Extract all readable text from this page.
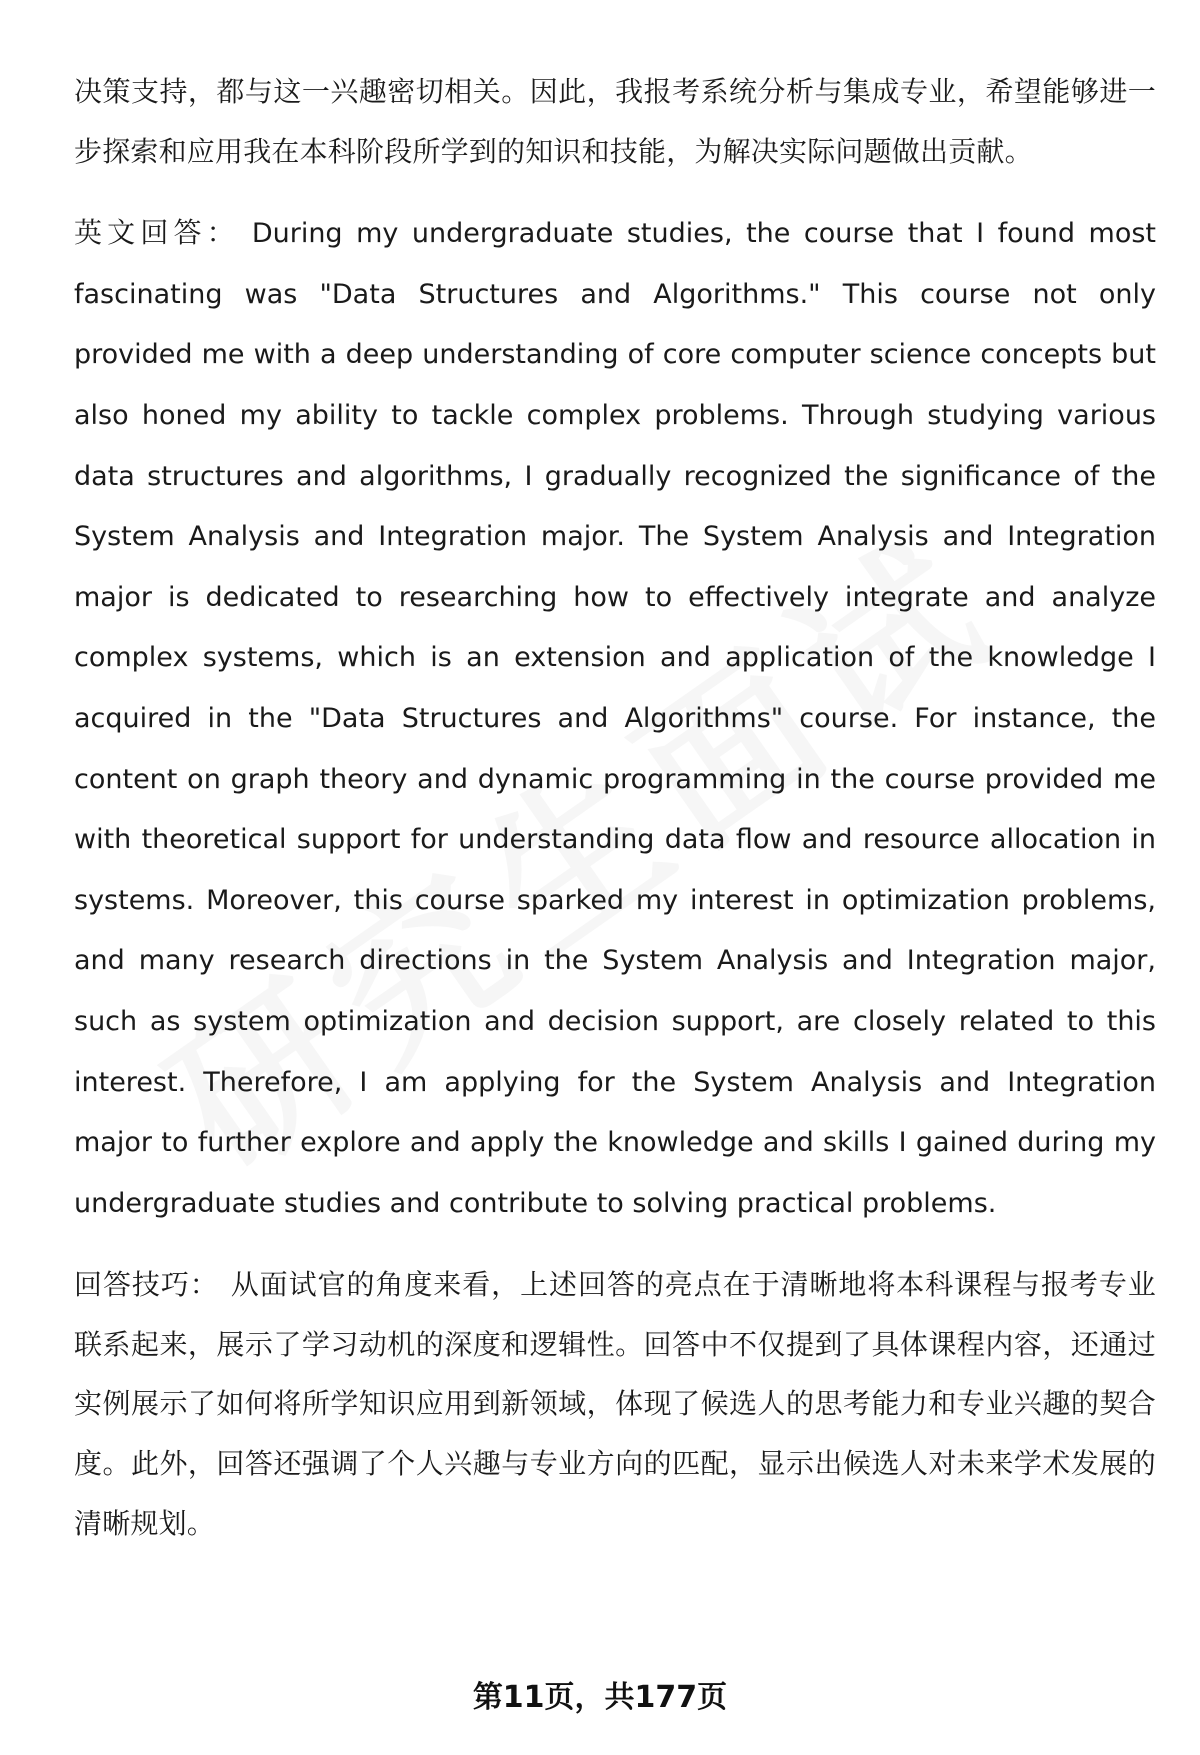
决策支持，都与这一兴趣密切相关。因此，我报考系统分析与集成专业，希望能够进一步探索和应用我在本科阶段所学到的知识和技能，为解决实际问题做出贡献。

英文回答： During my undergraduate studies, the course that I found most fascinating was "Data Structures and Algorithms." This course not only provided me with a deep understanding of core computer science concepts but also honed my ability to tackle complex problems. Through studying various data structures and algorithms, I gradually recognized the significance of the System Analysis and Integration major. The System Analysis and Integration major is dedicated to researching how to effectively integrate and analyze complex systems, which is an extension and application of the knowledge I acquired in the "Data Structures and Algorithms" course. For instance, the content on graph theory and dynamic programming in the course provided me with theoretical support for understanding data flow and resource allocation in systems. Moreover, this course sparked my interest in optimization problems, and many research directions in the System Analysis and Integration major, such as system optimization and decision support, are closely related to this interest. Therefore, I am applying for the System Analysis and Integration major to further explore and apply the knowledge and skills I gained during my undergraduate studies and contribute to solving practical problems.

回答技巧： 从面试官的角度来看，上述回答的亮点在于清晰地将本科课程与报考专业联系起来，展示了学习动机的深度和逻辑性。回答中不仅提到了具体课程内容，还通过实例展示了如何将所学知识应用到新领域，体现了候选人的思考能力和专业兴趣的契合度。此外，回答还强调了个人兴趣与专业方向的匹配，显示出候选人对未来学术发展的清晰规划。

第11页，共177页
